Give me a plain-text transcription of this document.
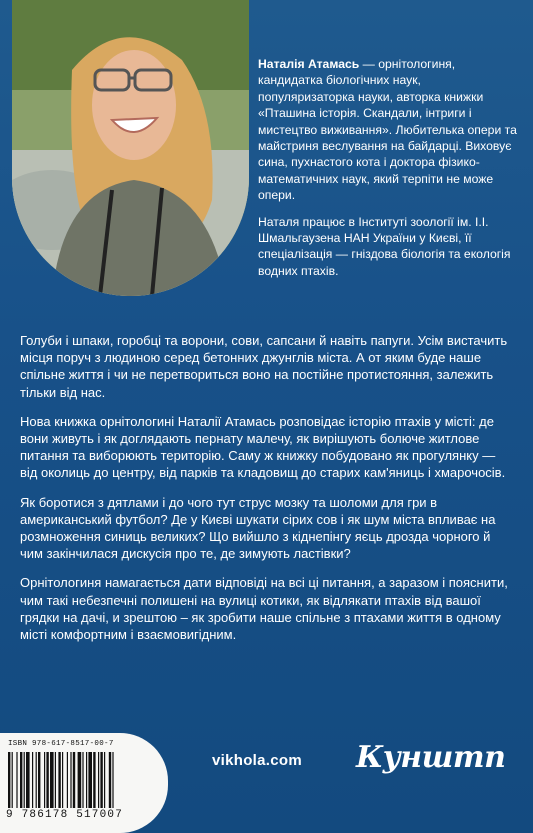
Наталія Атамась — орнітологиня, кандидатка біологічних наук, популяризаторка науки, авторка книжки «Пташина історія. Скандали, інтриги і мистецтво виживання». Любителька опери та майстриня веслування на байдарці. Виховує сина, пухнастого кота і доктора фізико-математичних наук, який терпіти не може опери.

Наталя працює в Інституті зоології ім. І.І. Шмальгаузена НАН України у Києві, її спеціалізація — гніздова біологія та екологія водних птахів.

Голуби і шпаки, горобці та ворони, сови, сапсани й навіть папуги. Усім вистачить місця поруч з людиною серед бетонних джунглів міста. А от яким буде наше спільне життя і чи не перетвориться воно на постійне протистояння, залежить тільки від нас.

Нова книжка орнітологині Наталії Атамась розповідає історію птахів у місті: де вони живуть і як доглядають пернату малечу, як вирішують болюче житлове питання та виборюють територію. Саму ж книжку побудовано як прогулянку — від околиць до центру, від парків та кладовищ до старих кам'яниць і хмарочосів.

Як боротися з дятлами і до чого тут струс мозку та шоломи для гри в американський футбол? Де у Києві шукати сірих сов і як шум міста впливає на розмноження синиць великих? Що вийшло з кіднепінгу яєць дрозда чорного й чим закінчилася дискусія про те, де зимують ластівки?

Орнітологиня намагається дати відповіді на всі ці питання, а заразом і пояснити, чим такі небезпечні полишені на вулиці котики, як відлякати птахів від вашої грядки на дачі, и зрештою – як зробити наше спільне з птахами життя в одному місті комфортним і взаємовигідним.

ISBN 978-617-8517-00-7
9 786178 517007
vikhola.com Кунштп
